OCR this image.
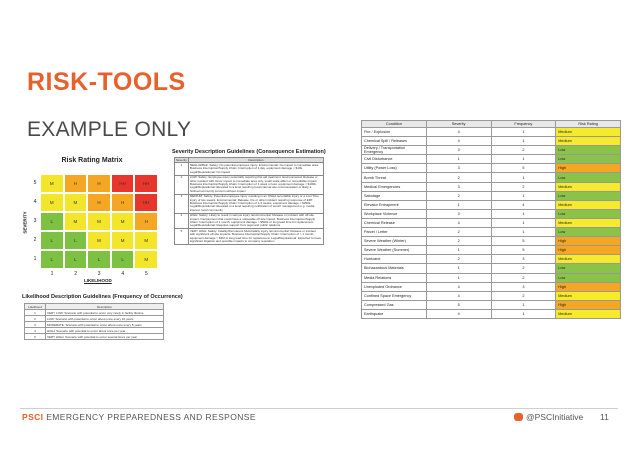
RISK-TOOLS
EXAMPLE ONLY
Risk Rating Matrix
M	H	H	HH	HH
M	M	H	H	HH
L	M	M	M	H
L	L	M	M	M
L	L	L	L	M
5
4
3
2
1
1	2	3	4	5
SEVERITY
LIKELIHOOD
Likelihood Description Guidelines (Frequency of Occurrence)
Likelihood	Description
1	VERY LOW: Scenario with potential to occur very rarely in facility lifetime
2	LOW: Scenario with potential to occur about once every 10 years
3	MODERATE: Scenario with potential to occur about once every 5 years
4	HIGH: Scenario with potential to occur about once per year
5	VERY HIGH: Scenario with potential to occur several times per year
Severity Description Guidelines (Consequence Estimation)
Severity	Description
1	NEGLIGIBLE: Safety: No potential employee injury. Environmental: No impact to immediate area. Business Interruption/Supply Chain: Interruption of 1 day, equipment damage < $10k. Legal/Reputational: No impact
2	LOW: Safety: Employee injury potentially requiring first aid treatment. Environmental: Release or other incident with minor impact to immediate area only, small scale affect or remediable impact. Business Interruption/Supply Chain: Interruption of 1 week or less, equipment damage < $100k. Legal/Reputational: Elevated to a level requiring local internal site communication or likely a hotline/community concern without impact
3	MEDIUM: Safety: Potential employee injury resulting in an OSHA recordable injury or a Lost Time injury of two weeks. Environmental: Release, fire or other incident requiring response of ERT. Business Interruption/Supply Chain: Interruption of 1-3 weeks, equipment damage < $250k. Legal/Reputational: Elevated to a level requiring notification of senior management e.g. media interest, local community
4	HIGH: Safety: Likely to result in serious injury. Environmental: Release or incident with off-site impact, fine/payment that could have a noticeable off-site impact. Business Interruption/Supply Chain: Interruption of 1 month, equipment damage > $500k or long lead time for replacement. Legal/Reputational: Requires support from legal and public relations
5	VERY HIGH: Safety: Fatality/Permanent Multi-fatality injury. Environmental: Release or incident with significant off-site impacts. Business Interruption/Supply Chain: Interruption of > 1 month, equipment damage > $1M or long lead time for replacement. Legal/Reputational: Expected to have significant litigation and possible impacts to company reputation
Condition	Severity	Frequency	Risk Rating
Fire / Explosion	4	1	Medium
Chemical Spill / Releases	4	1	Medium
Delivery / Transportation Emergency	3	2	Low
Civil Disturbance	1	1	Low
Utility (Power Loss)	3	5	High
Bomb Threat	2	1	Low
Medical Emergencies	3	2	Medium
Sabotage	2	1	Low
Elevator Entrapment	1	4	Medium
Workplace Violence	3	1	Low
Chemical Release	4	1	Medium
Parcel / Letter	2	1	Low
Severe Weather (Winter)	2	5	High
Severe Weather (Summer)	1	5	High
Hurricane	2	3	Medium
Biohazardous Materials	1	2	Low
Media Relations	1	2	Low
Unexploded Ordnance	4	3	High
Confined Space Emergency	4	2	Medium
Compressed Gas	5	1	High
Earthquake	4	1	Medium
PSCI EMERGENCY PREPAREDNESS AND RESPONSE	@PSCInitiative 11
